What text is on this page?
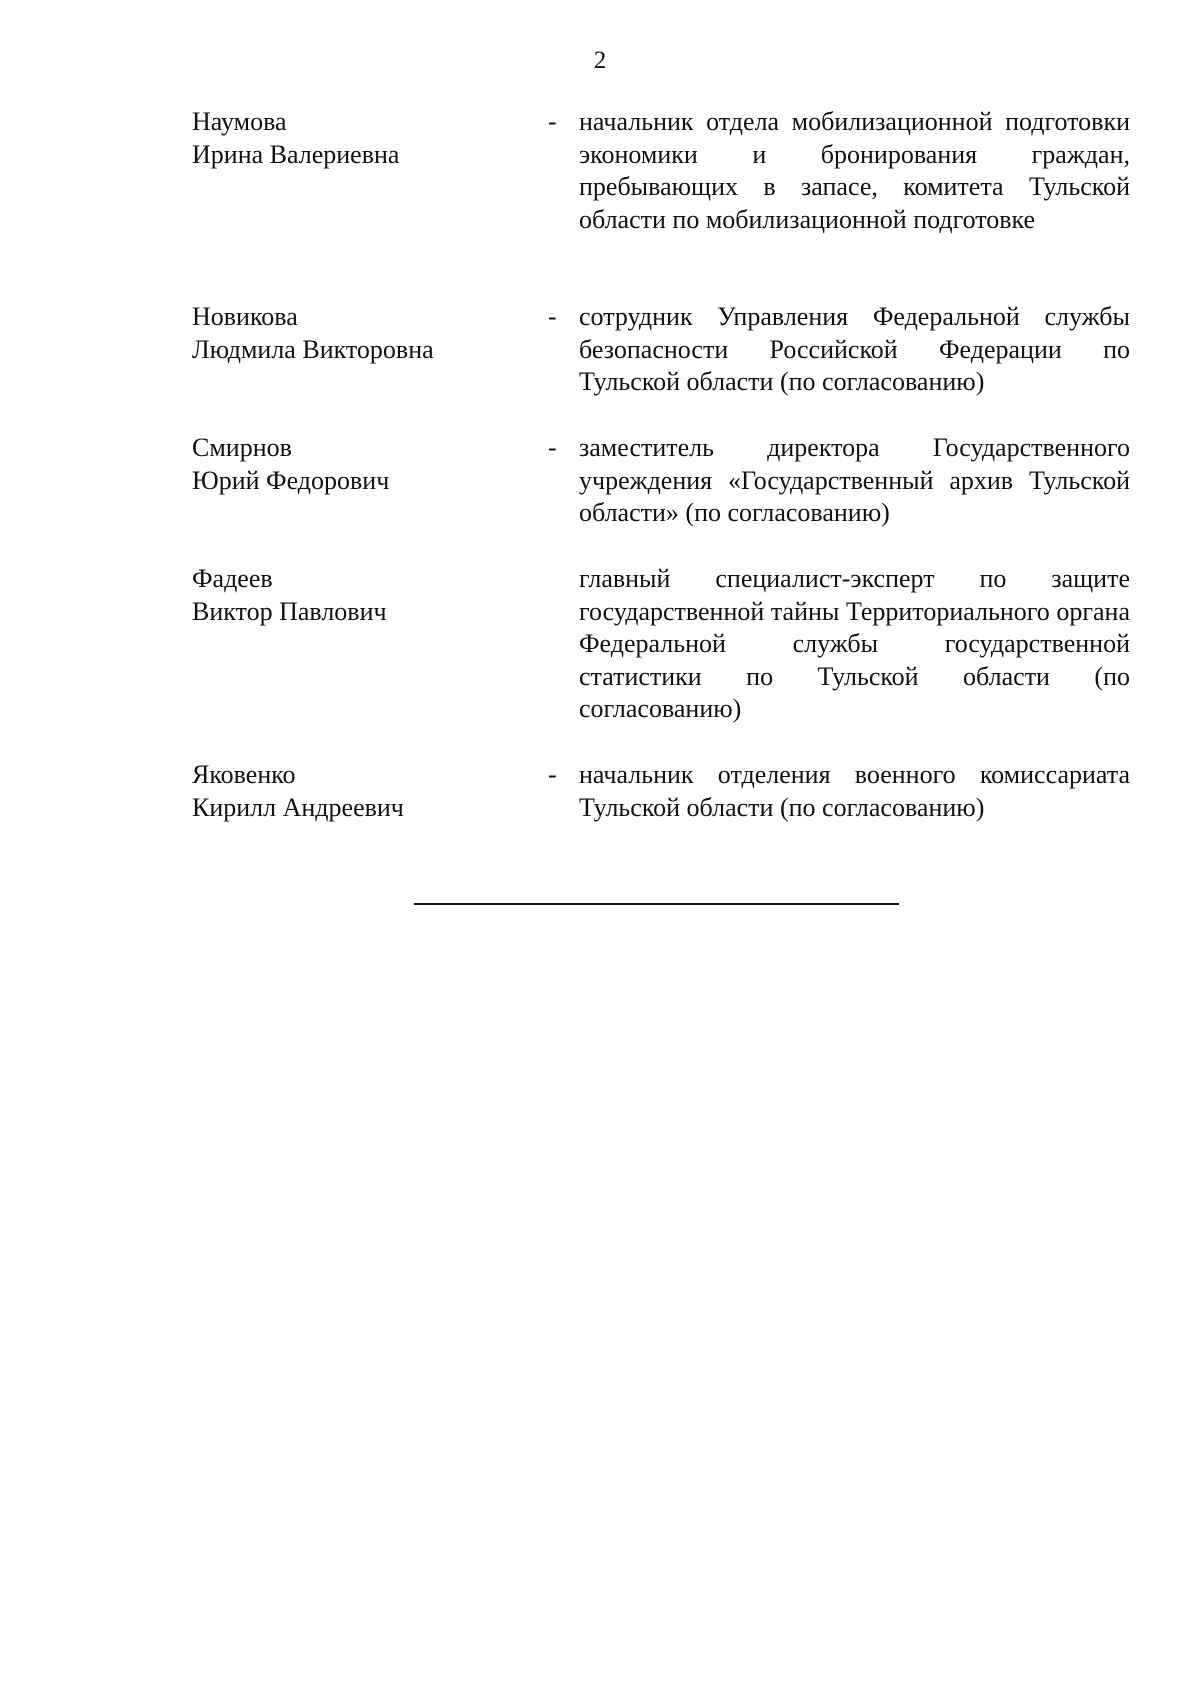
2
Наумова
Ирина Валериевна
- начальник отдела мобилизационной подготовки экономики и бронирования граждан, пребывающих в запасе, комитета Тульской области по мобилизационной подготовке
Новикова
Людмила Викторовна
- сотрудник Управления Федеральной службы безопасности Российской Федерации по Тульской области (по согласованию)
Смирнов
Юрий Федорович
- заместитель директора Государственного учреждения «Государственный архив Тульской области» (по согласованию)
Фадеев
Виктор Павлович
главный специалист-эксперт по защите государственной тайны Территориального органа Федеральной службы государственной статистики по Тульской области (по согласованию)
Яковенко
Кирилл Андреевич
- начальник отделения военного комиссариата Тульской области (по согласованию)
